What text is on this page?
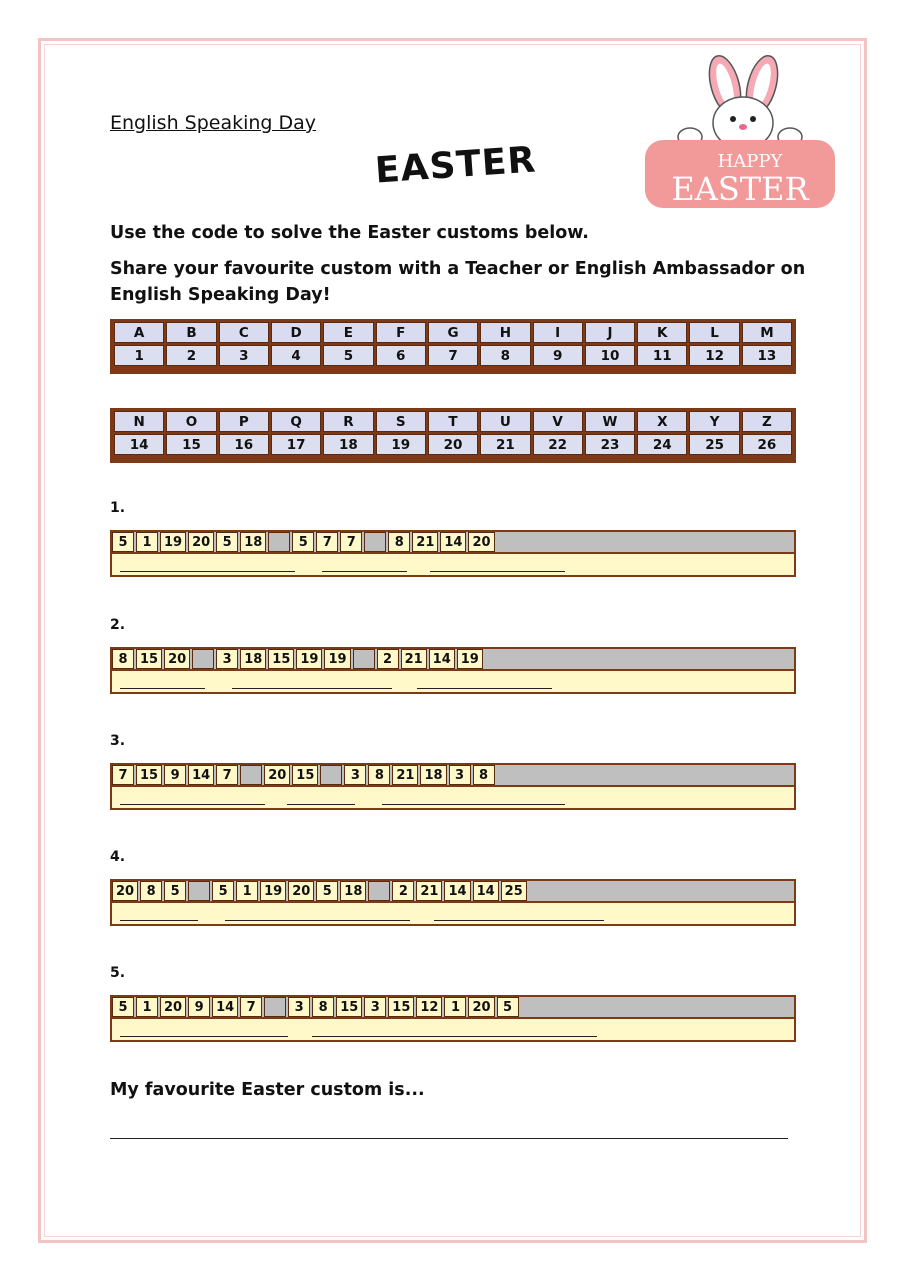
English Speaking Day
EASTER	HAPPY
EASTER
Use the code to solve the Easter customs below.
Share your favourite custom with a Teacher or English Ambassador on English Speaking Day!
A	B	C	D	E	F	G	H	I	J	K	L	M
1	2	3	4	5	6	7	8	9	10	11	12	13
N	O	P	Q	R	S	T	U	V	W	X	Y	Z
14	15	16	17	18	19	20	21	22	23	24	25	26
1.
5	1 19 20 5 18	5	7	7	8 21 14 20
2.
8 15 20	3 18 15 19 19	2 21 14 19
3.
7 15 9 14 7	20 15	3	8 21 18 3	8
4.
20 8	5	5	1 19 20 5 18	2 21 14 14 25
5.
5	1 20 9 14 7	3	8 15 3 15 12 1 20 5
My favourite Easter custom is...
